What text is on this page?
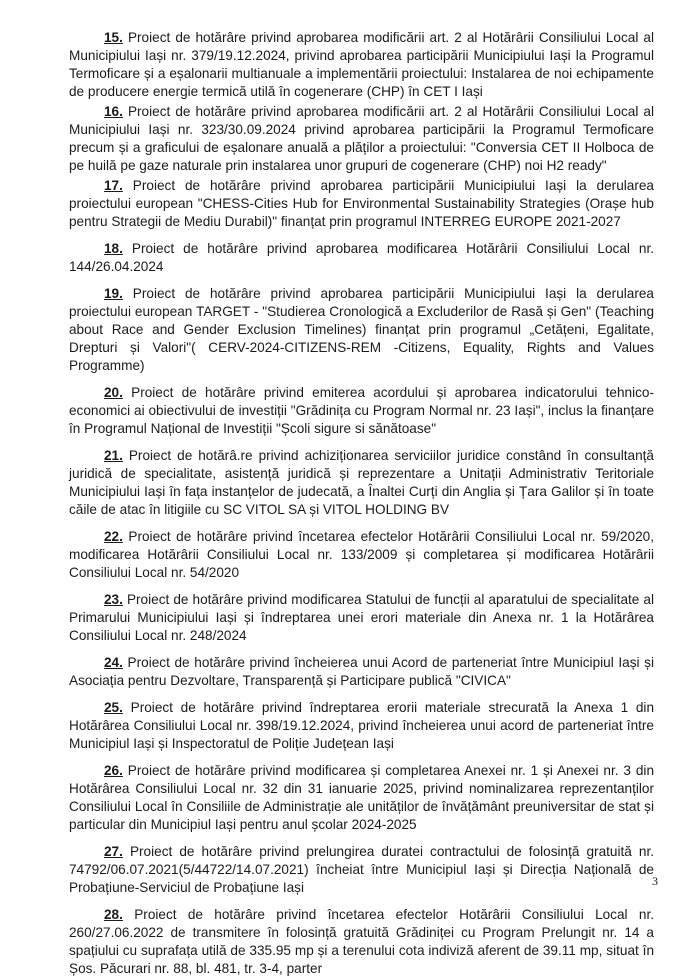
15. Proiect de hotărâre privind aprobarea modificării art. 2 al Hotărârii Consiliului Local al Municipiului Iași nr. 379/19.12.2024, privind aprobarea participării Municipiului Iași la Programul Termoficare și a eșalonarii multianuale a implementării proiectului: Instalarea de noi echipamente de producere energie termică utilă în cogenerare (CHP) în CET I Iași

16. Proiect de hotărâre privind aprobarea modificării art. 2 al Hotărârii Consiliului Local al Municipiului Iași nr. 323/30.09.2024 privind aprobarea participării la Programul Termoficare precum și a graficului de eșalonare anuală a plăților a proiectului: "Conversia CET II Holboca de pe huilă pe gaze naturale prin instalarea unor grupuri de cogenerare (CHP) noi H2 ready"

17. Proiect de hotărâre privind aprobarea participării Municipiului Iași la derularea proiectului european "CHESS-Cities Hub for Environmental Sustainability Strategies (Orașe hub pentru Strategii de Mediu Durabil)" finanțat prin programul INTERREG EUROPE 2021-2027

18. Proiect de hotărâre privind aprobarea modificarea Hotărârii Consiliului Local nr. 144/26.04.2024

19. Proiect de hotărâre privind aprobarea participării Municipiului Iași la derularea proiectului european TARGET - "Studierea Cronologică a Excluderilor de Rasă și Gen" (Teaching about Race and Gender Exclusion Timelines) finanțat prin programul „Cetățeni, Egalitate, Drepturi și Valori"( CERV-2024-CITIZENS-REM -Citizens, Equality, Rights and Values Programme)

20. Proiect de hotărâre privind emiterea acordului și aprobarea indicatorului tehnico-economici ai obiectivului de investiții "Grădinița cu Program Normal nr. 23 Iași", inclus la finanțare în Programul Național de Investiții "Școli sigure si sănătoase"

21. Proiect de hotărâ.re privind achiziționarea serviciilor juridice constând în consultanță juridică de specialitate, asistență juridică și reprezentare a Unitații Administrativ Teritoriale Municipiului Iași în fața instanțelor de judecată, a Înaltei Curți din Anglia și Țara Galilor și în toate căile de atac în litigiile cu SC VITOL SA și VITOL HOLDING BV

22. Proiect de hotărâre privind încetarea efectelor Hotărârii Consiliului Local nr. 59/2020, modificarea Hotărârii Consiliului Local nr. 133/2009 și completarea și modificarea Hotărârii Consiliului Local nr. 54/2020

23. Proiect de hotărâre privind modificarea Statului de funcții al aparatului de specialitate al Primarului Municipiului Iași și îndreptarea unei erori materiale din Anexa nr. 1 la Hotărârea Consiliului Local nr. 248/2024

24. Proiect de hotărâre privind încheierea unui Acord de parteneriat între Municipiul Iași și Asociația pentru Dezvoltare, Transparență și Participare publică "CIVICA"

25. Proiect de hotărâre privind îndreptarea erorii materiale strecurată la Anexa 1 din Hotărârea Consiliului Local nr. 398/19.12.2024, privind încheierea unui acord de parteneriat între Municipiul Iași și Inspectoratul de Poliție Județean Iași

26. Proiect de hotărâre privind modificarea și completarea Anexei nr. 1 și Anexei nr. 3 din Hotărârea Consiliului Local nr. 32 din 31 ianuarie 2025, privind nominalizarea reprezentanților Consiliului Local în Consiliile de Administrație ale unităților de învățământ preuniversitar de stat și particular din Municipiul Iași pentru anul școlar 2024-2025

27. Proiect de hotărâre privind prelungirea duratei contractului de folosință gratuită nr. 74792/06.07.2021(5/44722/14.07.2021) încheiat între Municipiul Iași și Direcția Națională de Probațiune-Serviciul de Probațiune Iași

28. Proiect de hotărâre privind încetarea efectelor Hotărârii Consiliului Local nr. 260/27.06.2022 de transmitere în folosință gratuită Grădiniței cu Program Prelungit nr. 14 a spațiului cu suprafața utilă de 335.95 mp și a terenului cota indiviză aferent de 39.11 mp, situat în Șos. Păcurari nr. 88, bl. 481, tr. 3-4, parter

3
